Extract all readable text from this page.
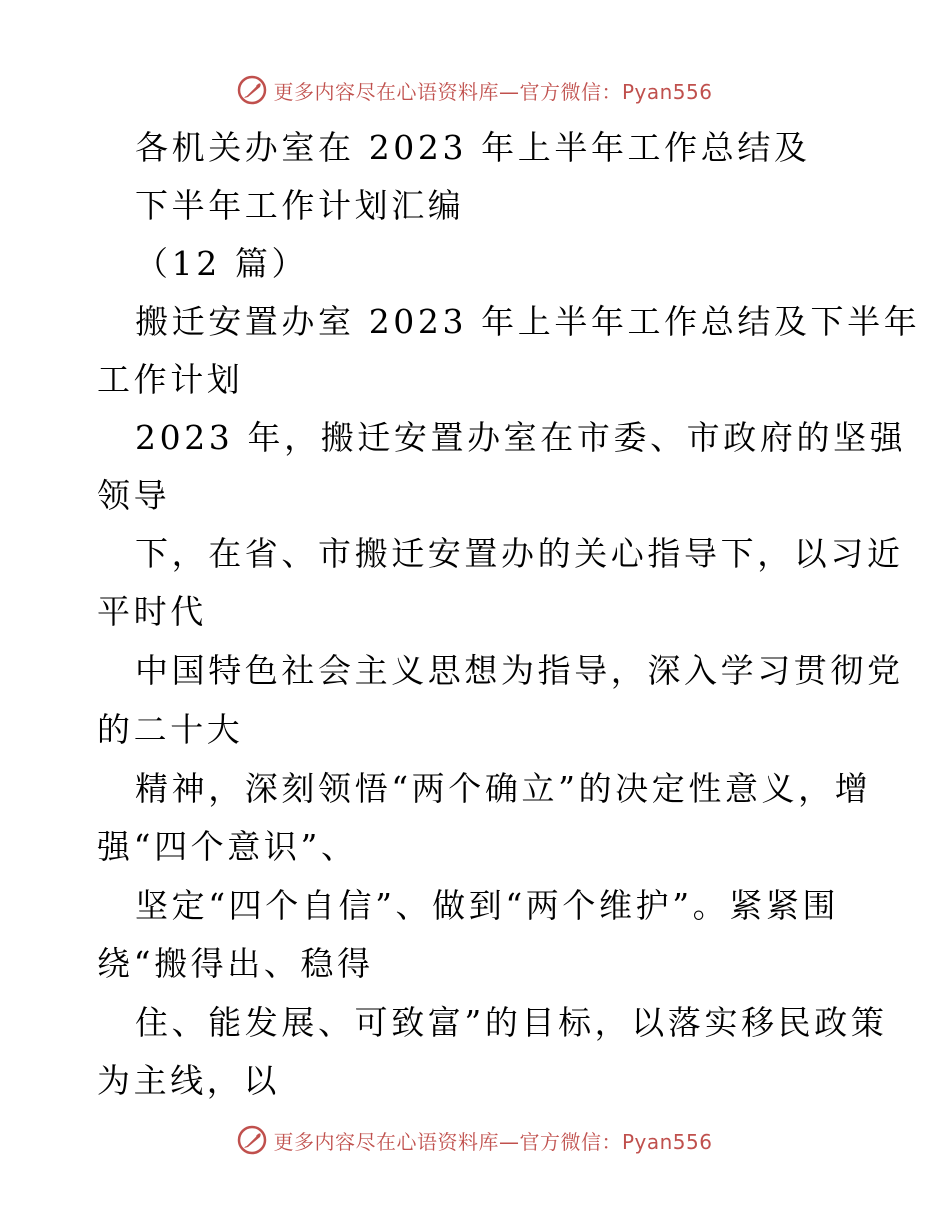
更多内容尽在心语资料库—官方微信：Pyan556
各机关办室在 2023 年上半年工作总结及
下半年工作计划汇编
（12 篇）
搬迁安置办室 2023 年上半年工作总结及下半年
工作计划
2023 年，搬迁安置办室在市委、市政府的坚强
领导
下，在省、市搬迁安置办的关心指导下，以习近
平时代
中国特色社会主义思想为指导，深入学习贯彻党
的二十大
精神，深刻领悟“两个确立”的决定性意义，增
强“四个意识”、
坚定“四个自信”、做到“两个维护”。紧紧围
绕“搬得出、稳得
住、能发展、可致富”的目标，以落实移民政策
为主线，以
更多内容尽在心语资料库—官方微信：Pyan556
